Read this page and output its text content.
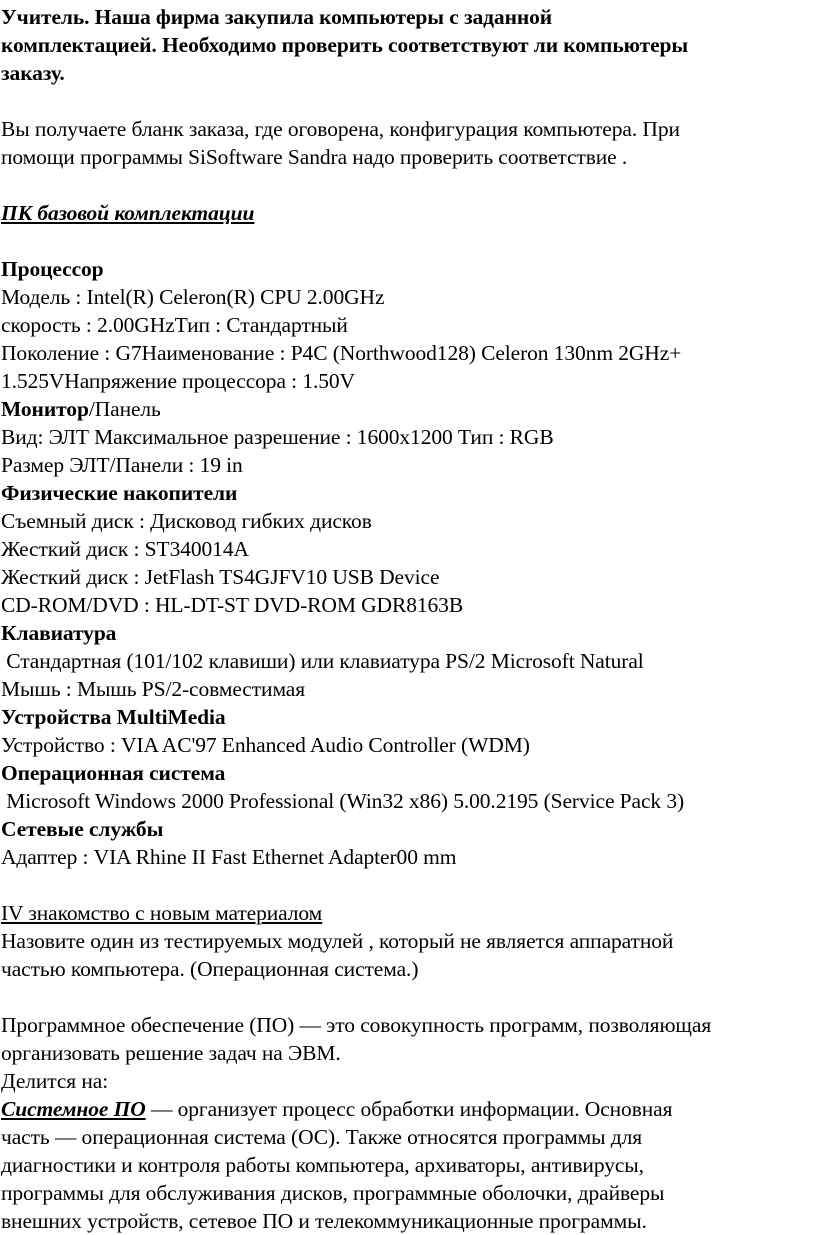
Учитель. Наша фирма закупила компьютеры с заданной

комплектацией. Необходимо проверить соответствуют ли компьютеры

заказу.

Вы получаете бланк заказа, где оговорена, конфигурация компьютера. При

помощи программы SiSoftware Sandra надо проверить соответствие .

ПК базовой комплектации

Процессор

Модель : Intel(R) Celeron(R) CPU 2.00GHz

скорость : 2.00GHzТип : Стандартный

Поколение : G7Наименование : P4C (Northwood128) Celeron 130nm 2GHz+

1.525VНапряжение процессора : 1.50V

Монитор/Панель

Вид: ЭЛТ Максимальное разрешение : 1600х1200 Тип : RGB

Размер ЭЛТ/Панели : 19 in

Физические накопители

Съемный диск : Дисковод гибких дисков

Жесткий диск : ST340014A

Жесткий диск : JetFlash TS4GJFV10 USB Device

CD-ROM/DVD : HL-DT-ST DVD-ROM GDR8163B

Клавиатура

Стандартная (101/102 клавиши) или клавиатура PS/2 Microsoft Natural

Мышь : Мышь PS/2-совместимая

Устройства MultiMedia

Устройство : VIA AC'97 Enhanced Audio Controller (WDM)

Операционная система

Microsoft Windows 2000 Professional (Win32 x86) 5.00.2195 (Service Pack 3)

Сетевые службы

Адаптер : VIA Rhine II Fast Ethernet Adapter00 mm

IV знакомство с новым материалом

Назовите один из тестируемых модулей , который не является аппаратной

частью компьютера. (Операционная система.)

Программное обеспечение (ПО) — это совокупность программ, позволяющая

организовать решение задач на ЭВМ.

Делится на:

Системное ПО — организует процесс обработки информации. Основная

часть — операционная система (ОС). Также относятся программы для

диагностики и контроля работы компьютера, архиваторы, антивирусы,

программы для обслуживания дисков, программные оболочки, драйверы

внешних устройств, сетевое ПО и телекоммуникационные программы.
